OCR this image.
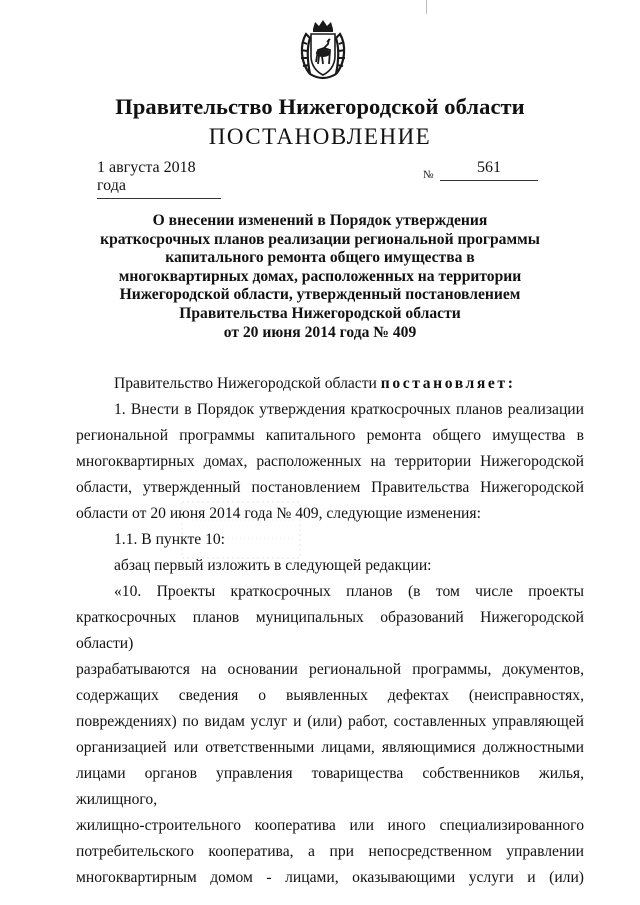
Правительство Нижегородской области
ПОСТАНОВЛЕНИЕ
1 августа 2018 года
№	561
О внесении изменений в Порядок утверждения
краткосрочных планов реализации региональной программы
капитального ремонта общего имущества в
многоквартирных домах, расположенных на территории
Нижегородской области, утвержденный постановлением
Правительства Нижегородской области
от 20 июня 2014 года № 409

Правительство Нижегородской области постановляет:

1. Внести в Порядок утверждения краткосрочных планов реализации

региональной программы капитального ремонта общего имущества в

многоквартирных домах, расположенных на территории Нижегородской

области, утвержденный постановлением Правительства Нижегородской

области от 20 июня 2014 года № 409, следующие изменения:

1.1. В пункте 10:

абзац первый изложить в следующей редакции:

«10. Проекты краткосрочных планов (в том числе проекты

краткосрочных планов муниципальных образований Нижегородской области)

разрабатываются на основании региональной программы, документов,

содержащих сведения о выявленных дефектах (неисправностях,

повреждениях) по видам услуг и (или) работ, составленных управляющей

организацией или ответственными лицами, являющимися должностными

лицами органов управления товарищества собственников жилья, жилищного,

жилищно-строительного кооператива или иного специализированного

потребительского кооператива, а при непосредственном управлении

многоквартирным домом - лицами, оказывающими услуги и (или)
